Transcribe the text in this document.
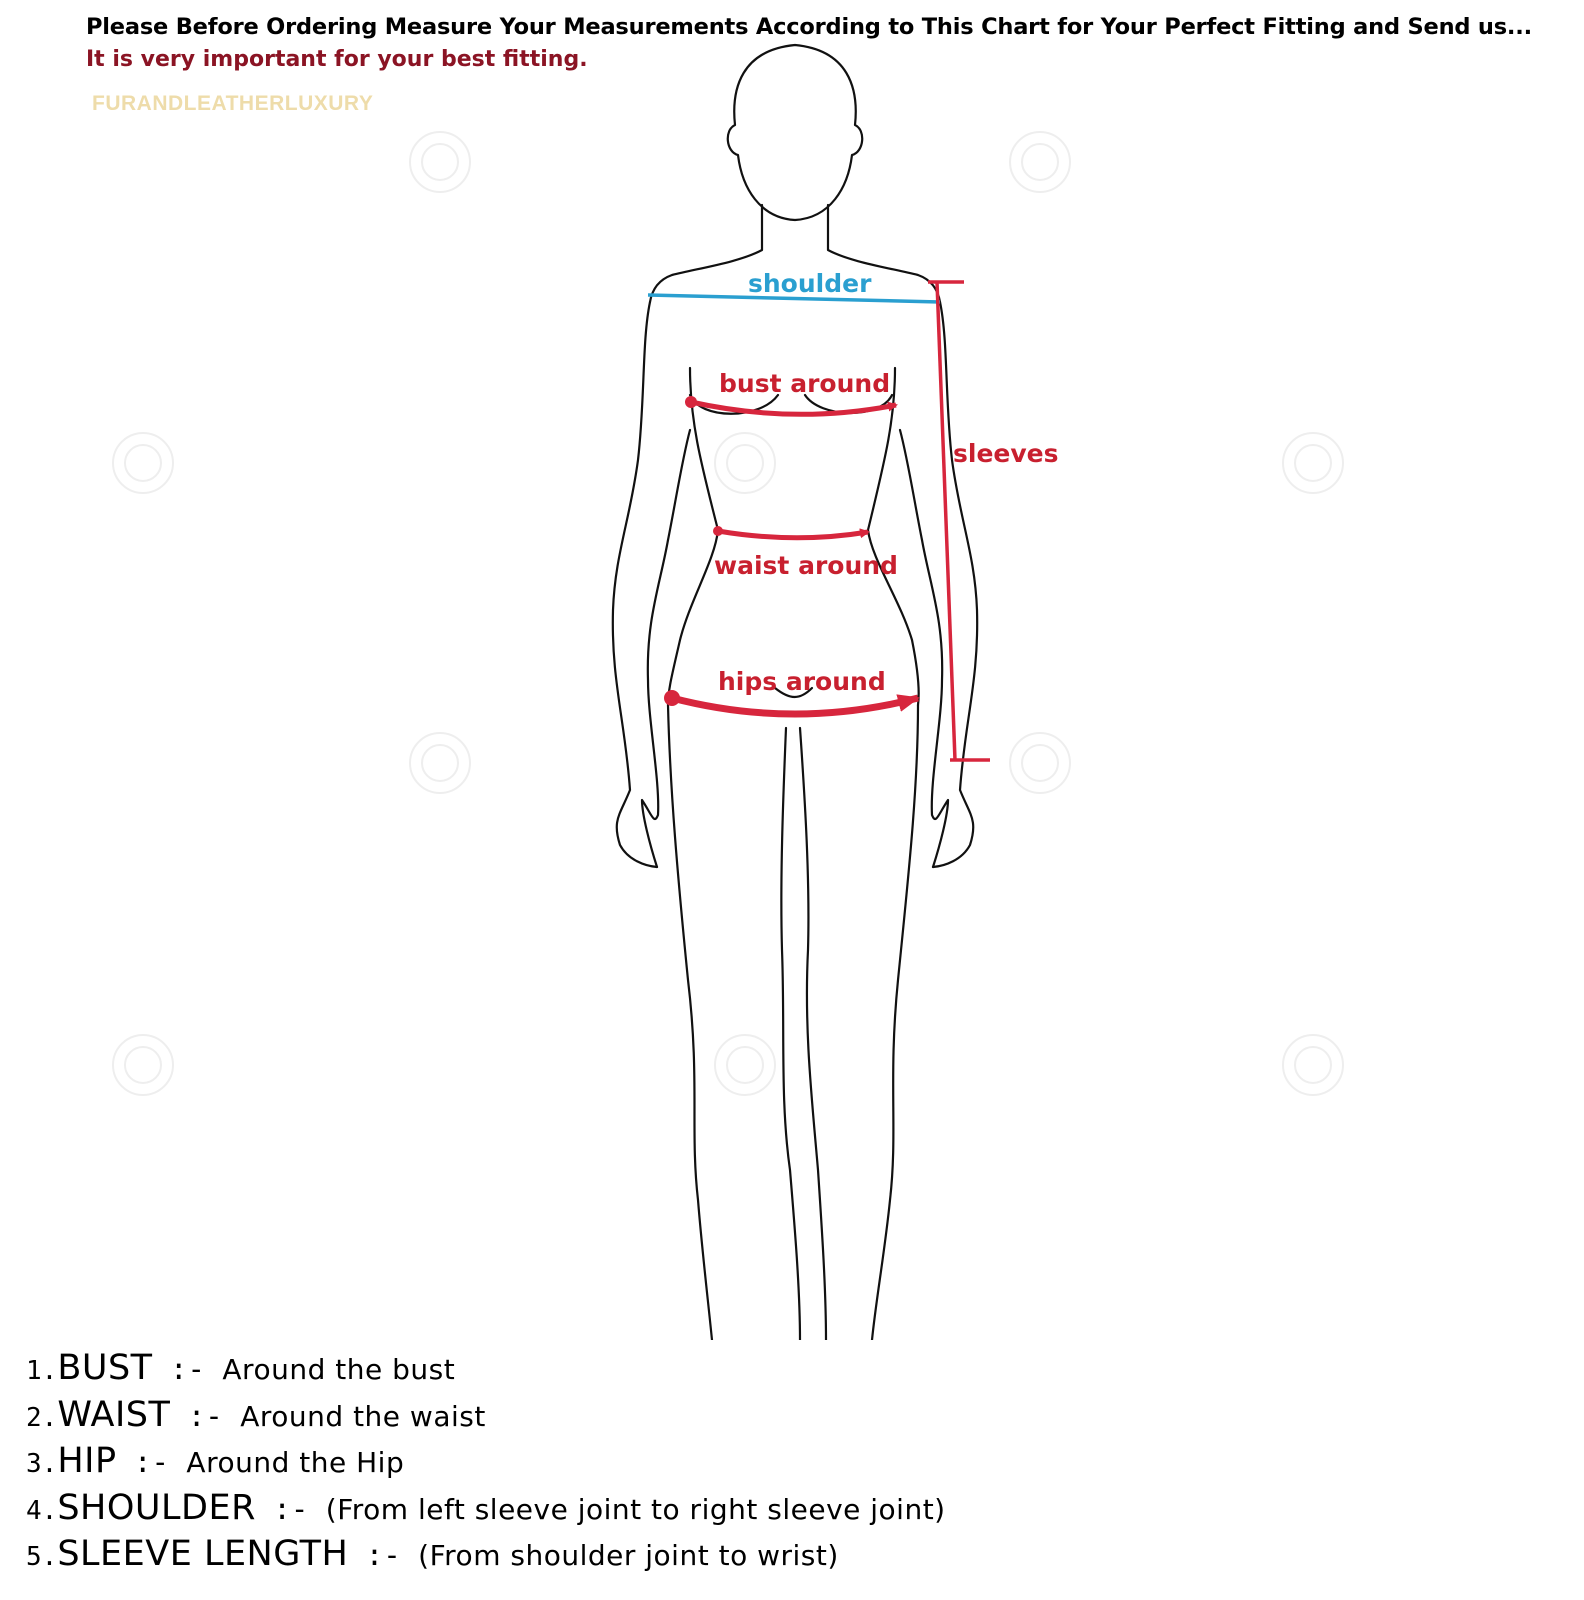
Please Before Ordering Measure Your Measurements According to This Chart for Your Perfect Fitting and Send us...
It is very important for your best fitting.
FURANDLEATHERLUXURY
shoulder
bust around
waist around
hips around
sleeves
1.BUST :- Around the bust
2.WAIST :- Around the waist
3.HIP :- Around the Hip
4.SHOULDER :- (From left sleeve joint to right sleeve joint)
5.SLEEVE LENGTH :- (From shoulder joint to wrist)
